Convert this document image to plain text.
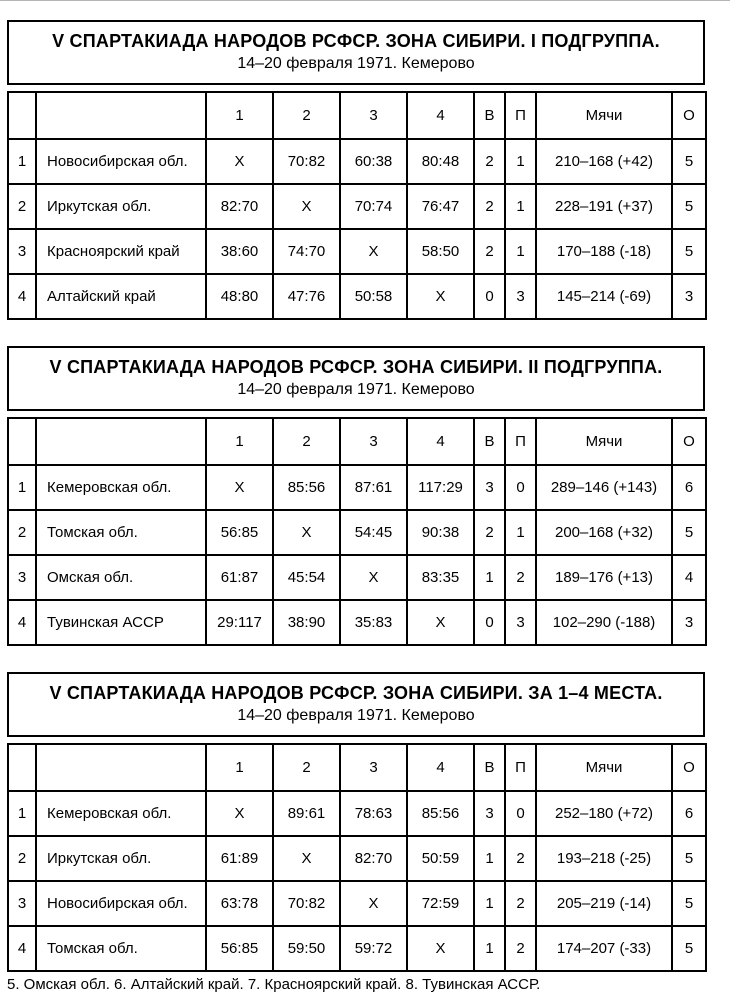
V СПАРТАКИАДА НАРОДОВ РСФСР. ЗОНА СИБИРИ. I ПОДГРУППА.
14–20 февраля 1971. Кемерово
		1	2	3	4	В	П	Мячи	О
1	Новосибирская обл.	Х	70:82	60:38	80:48	2	1	210–168 (+42)	5
2	Иркутская обл.	82:70	Х	70:74	76:47	2	1	228–191 (+37)	5
3	Красноярский край	38:60	74:70	Х	58:50	2	1	170–188 (-18)	5
4	Алтайский край	48:80	47:76	50:58	Х	0	3	145–214 (-69)	3
V СПАРТАКИАДА НАРОДОВ РСФСР. ЗОНА СИБИРИ. II ПОДГРУППА.
14–20 февраля 1971. Кемерово
		1	2	3	4	В	П	Мячи	О
1	Кемеровская обл.	Х	85:56	87:61	117:29	3	0	289–146 (+143)	6
2	Томская обл.	56:85	Х	54:45	90:38	2	1	200–168 (+32)	5
3	Омская обл.	61:87	45:54	Х	83:35	1	2	189–176 (+13)	4
4	Тувинская АССР	29:117	38:90	35:83	Х	0	3	102–290 (-188)	3
V СПАРТАКИАДА НАРОДОВ РСФСР. ЗОНА СИБИРИ. ЗА 1–4 МЕСТА.
14–20 февраля 1971. Кемерово
		1	2	3	4	В	П	Мячи	О
1	Кемеровская обл.	Х	89:61	78:63	85:56	3	0	252–180 (+72)	6
2	Иркутская обл.	61:89	Х	82:70	50:59	1	2	193–218 (-25)	5
3	Новосибирская обл.	63:78	70:82	Х	72:59	1	2	205–219 (-14)	5
4	Томская обл.	56:85	59:50	59:72	Х	1	2	174–207 (-33)	5
5. Омская обл. 6. Алтайский край. 7. Красноярский край. 8. Тувинская АССР.
